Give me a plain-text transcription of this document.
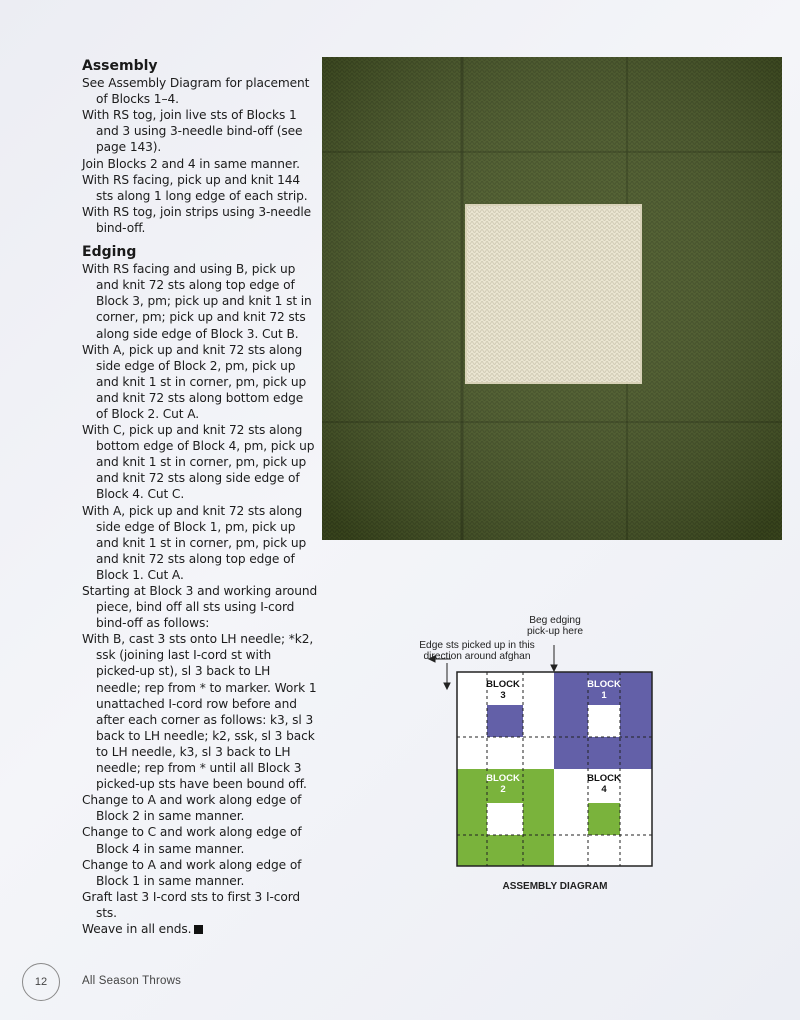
Assembly

See Assembly Diagram for placement of Blocks 1–4.

With RS tog, join live sts of Blocks 1 and 3 using 3-needle bind-off (see page 143).

Join Blocks 2 and 4 in same manner.

With RS facing, pick up and knit 144 sts along 1 long edge of each strip.

With RS tog, join strips using 3-needle bind-off.

Edging

With RS facing and using B, pick up and knit 72 sts along top edge of Block 3, pm; pick up and knit 1 st in corner, pm; pick up and knit 72 sts along side edge of Block 3. Cut B.

With A, pick up and knit 72 sts along side edge of Block 2, pm, pick up and knit 1 st in corner, pm, pick up and knit 72 sts along bottom edge of Block 2. Cut A.

With C, pick up and knit 72 sts along bottom edge of Block 4, pm, pick up and knit 1 st in corner, pm, pick up and knit 72 sts along side edge of Block 4. Cut C.

With A, pick up and knit 72 sts along side edge of Block 1, pm, pick up and knit 1 st in corner, pm, pick up and knit 72 sts along top edge of Block 1. Cut A.

Starting at Block 3 and working around piece, bind off all sts using I-cord bind-off as follows:

With B, cast 3 sts onto LH needle; *k2, ssk (joining last I-cord st with picked-up st), sl 3 back to LH needle; rep from * to marker. Work 1 unattached I-cord row before and after each corner as follows: k3, sl 3 back to LH needle; k2, ssk, sl 3 back to LH needle, k3, sl 3 back to LH needle; rep from * until all Block 3 picked-up sts have been bound off.

Change to A and work along edge of Block 2 in same manner.

Change to C and work along edge of Block 4 in same manner.

Change to A and work along edge of Block 1 in same manner.

Graft last 3 I-cord sts to first 3 I-cord sts.

Weave in all ends.

Beg edging
pick-up here
Edge sts picked up in this
direction around afghan
BLOCK
3
BLOCK
1
BLOCK
2
BLOCK
4
ASSEMBLY DIAGRAM
12	All Season Throws
